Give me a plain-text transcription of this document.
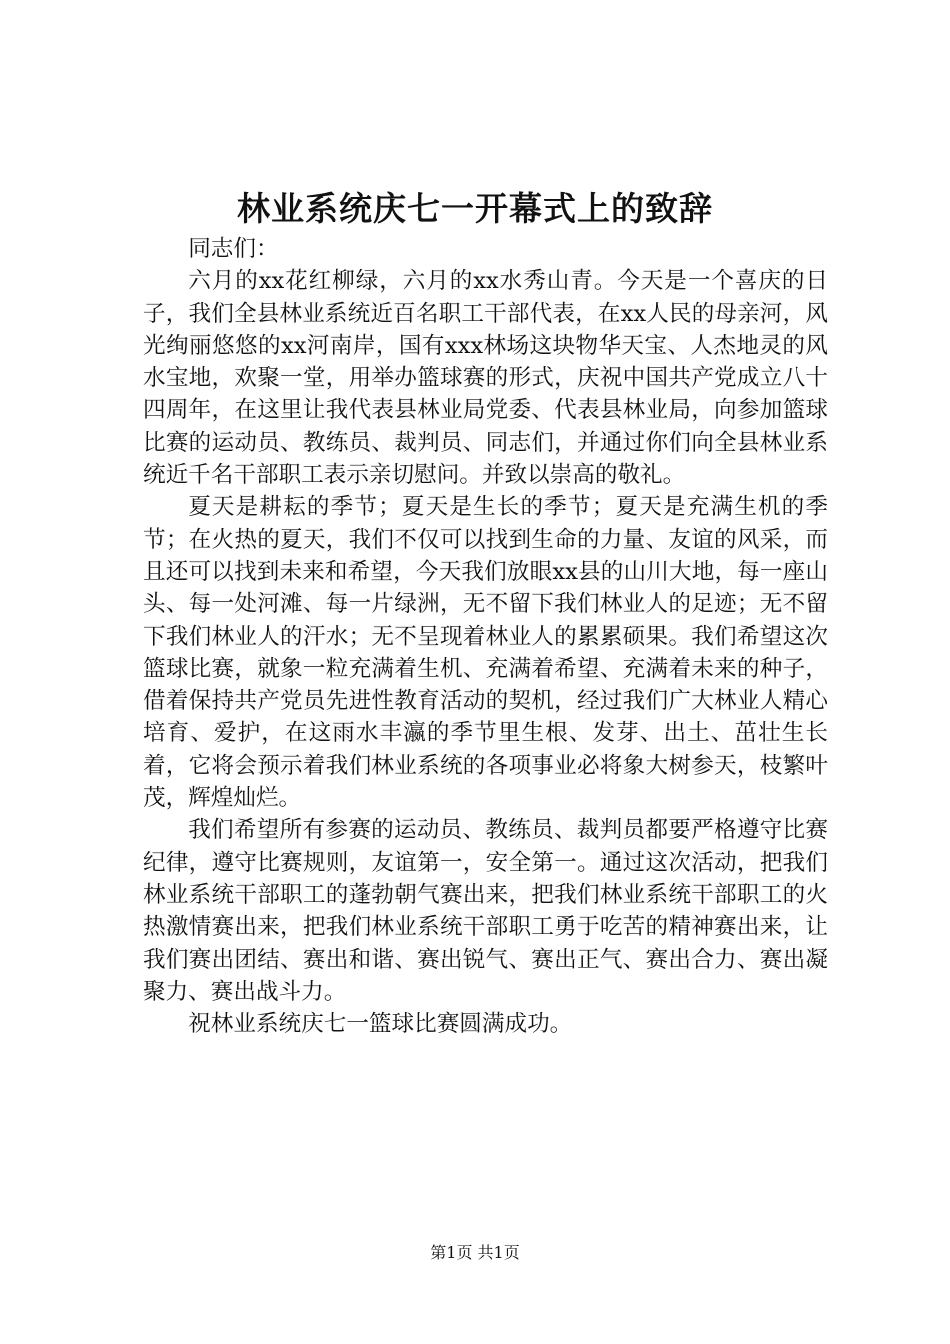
林业系统庆七一开幕式上的致辞

同志们：

六月的xx花红柳绿，六月的xx水秀山青。今天是一个喜庆的日子，我们全县林业系统近百名职工干部代表，在xx人民的母亲河，风光绚丽悠悠的xx河南岸，国有xxx林场这块物华天宝、人杰地灵的风水宝地，欢聚一堂，用举办篮球赛的形式，庆祝中国共产党成立八十四周年，在这里让我代表县林业局党委、代表县林业局，向参加篮球比赛的运动员、教练员、裁判员、同志们，并通过你们向全县林业系统近千名干部职工表示亲切慰问。并致以崇高的敬礼。

夏天是耕耘的季节；夏天是生长的季节；夏天是充满生机的季节；在火热的夏天，我们不仅可以找到生命的力量、友谊的风采，而且还可以找到未来和希望，今天我们放眼xx县的山川大地，每一座山头、每一处河滩、每一片绿洲，无不留下我们林业人的足迹；无不留下我们林业人的汗水；无不呈现着林业人的累累硕果。我们希望这次篮球比赛，就象一粒充满着生机、充满着希望、充满着未来的种子，借着保持共产党员先进性教育活动的契机，经过我们广大林业人精心培育、爱护，在这雨水丰瀛的季节里生根、发芽、出土、茁壮生长着，它将会预示着我们林业系统的各项事业必将象大树参天，枝繁叶茂，辉煌灿烂。

我们希望所有参赛的运动员、教练员、裁判员都要严格遵守比赛纪律，遵守比赛规则，友谊第一，安全第一。通过这次活动，把我们林业系统干部职工的蓬勃朝气赛出来，把我们林业系统干部职工的火热激情赛出来，把我们林业系统干部职工勇于吃苦的精神赛出来，让我们赛出团结、赛出和谐、赛出锐气、赛出正气、赛出合力、赛出凝聚力、赛出战斗力。

祝林业系统庆七一篮球比赛圆满成功。

第1页 共1页
